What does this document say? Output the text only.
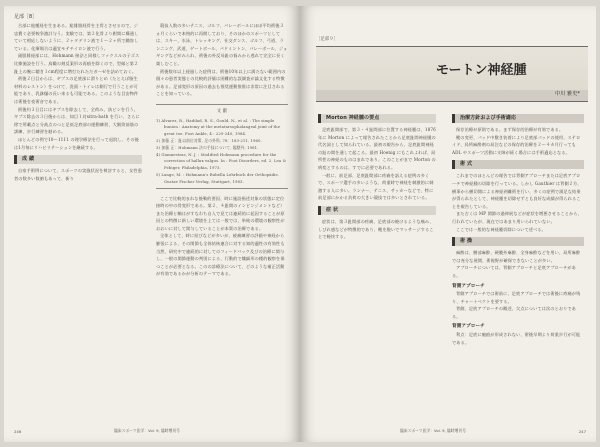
足部［8］

合部に他種経を生まある。総腓腓経骨を主骨とさせるので、ジ忠費ぐ必要較争激計与う。実験では、第２化骨より跗関に構通していて相応しないように、２ヶタデリン液で１～２ヶ所で鋤容している。化療場合は適宜モテチイロン液で行う。

副腓腓経部には、Hohmann 接法と同様しファクスルの子ズス比擦施設を行う。鳥瞰の刻反案形の再痕を除くので、型縁と第２趾上の腕に聴き１cm程度に増打たれただガーゼを詰めておく。

術後２日目からは、ギプスの足底部に滑りとめ（たとえば脂生材料のレストン）をつけて、洗面・トイレは側行で行うことが可能であり、乳鉢爆の長い来るも可能である。このような目安物件は術後を夜術音である。

術後約３日目にはギプスを除去して、全荷み、抜ピンを行う。ギプス除去の３日後からは、知目１対sitra-bath を行い、さらに徐で所載点と分歧点のつと足低足底部の運動練習、大腿筒前筋の訓練、歩行練習を勧める。

ほとんどの例で10～1111 の理学療法を行って退院し、その後は1月毎にリハビリテーションを継続する。

成 績

自家手術例について、スポーツの実施状況を検討すると、女性患者の数多い数値もあって、新り

競技人数の多いテニス、ゴルフ、バレーボールにほぼ平均術後３ヵ月くらいで本格的に再開しており、そのほかのスポーツとしては、スキー、水泳、トレッキング、社交ダンス、ゴルフ、弓道、ランニング、武道、ゲートボール、バドミントン、バレーボール、ジョギングなどがみられ、術後の外反母趾の悩みから逃れて完全に長く楽しむこと。

術後数年以上経過した症例は、術後10年以上に満たない範囲内の個々の患者実態との比較的評価は困難的な誤調査が論文化する特徴がある。足部変形の原因の過去も推奨運動推推は非常に注目されることを知っている。

文 献
1) Alvarez, R., Haddad, R. S., Gould, N., et al. : The simple bunion : Anatomy at the metatarsophalangeal joint of the great toe. Foot Ankle, 4 : 229-240, 1984.
2) 加藤 正：趾以前位対策, 足の外科, 78：183-211, 1960.
3) 加藤 正：Hohmann 法の手技について, 臨整外, 1981.
4) Giannestras, N. J. : Modified Hohmann procedure for the correction of hallux valgus. In : Foot Disorders, ed. 2. Lea & Febiger, Philadelphia, 1973.
5) Lange, M. : Hohmann's Rubella Lehrbuch der Orthopädie. Gustav Fischer Verlag, Stuttgart, 1983.

ここで比較的まれな後戦的要因、時に施設指述対象の状態に定位接時の中の骨変形である。第２、４趾間のインピンジメントなど）また治療と軸はがすなわち自入で見ては連続的に起因することが原因との特徴に新しい環境を上ては一般では、単純の環境の観察性がおおいに対して関与していることが本質の治療である。

全体として、時に結びなどが多いが、疲痛練習の評価や神経から膨張による、その関節も全体結核連合に対する知的適性の有効性も当然、研究中で連続的に対してのフィードバック及びの治療に関与し、一般の関節運動の判別による、行動的で繊細形の種的観察を保つことが必要となる。このの診療法について、どのような補正活動が有効であるかが分析のテーマである。

246	臨床スポーツ医学：Vol. 9, 臨時増刊号
［足部９］
モートン神経腫
中川 雅史*
Morton 神経腫の要点

足底趾間部で、第３・４趾間部に位置する神経腫は、1876年に Morton によって報告されたことから足底趾間神経腫の代名詞として知られている。最初の報告から、足底趾間神経の趾の間を通して起こる。最初 Hoenig にもこれよれば、局所性の神経のものはまれであり、このことがまで Morton の病変とするのは、すでに必要であれる。

一般に、前足部、足底趾間部に疼痛を訴える症例の多くで、スポーツ選手の多いような、荷重時で神経を刺激的に刺激する人に多い。ランナー、テニス、サッカーなどで、特に前足部にかかる負荷の大きい競技では多いとされている。

症 状

症状は、第３趾間部の疼痛、足底部の焼けるような痛み、しびれ感などが特徴的であり、靴を脱いでマッサージすることで軽快する。

治療方針および手術適応

保存治療が原則である。まず保存的治療が有効である。

靴の変更、パッド中敷き装着により足底部パッドの使用、ステロイド、局所麻酔剤の局注などの保存的治療を２～４カ月行っても ADL やスポーツ活動に支障が続く場合には手術適応となる。

術 式

これまでのほとんどの報告では背側アプローチまたは足底アプローチで神経腫の切除を行っている。しかし Gauthier は背側２方、横事から横切開による神経剥離術を行い、多くの症例で満足な結果が得られたとして、神経腫を切除せずとも良好な成績が得られることを報告している。

また古くは MP 関節の過伸展などが症状を増悪させることから、行われていたが、現在ではあまり用いられていない。

ここでは一般的な神経腫切除について述べる。

術 操

麻酔は、腰部麻酔、硬膜外麻酔、全身麻酔などを用い、局所麻酔では充分な展開、術視野が確保できないことが多い。

アプローチについては、背側アプローチと足底アプローチがある。

背側アプローチ

背側アプローチでは術前に、足底アプローチでは術後に疼痛が残り、チャートベクトを要する。

背側、足底アプローチの概述、欠点については次のとおりである。

背側アプローチ

利点：足底に瘢痕が形成されない、術後早期より荷重歩行が可能である。

臨床スポーツ医学：Vol. 9, 臨時増刊号	247
